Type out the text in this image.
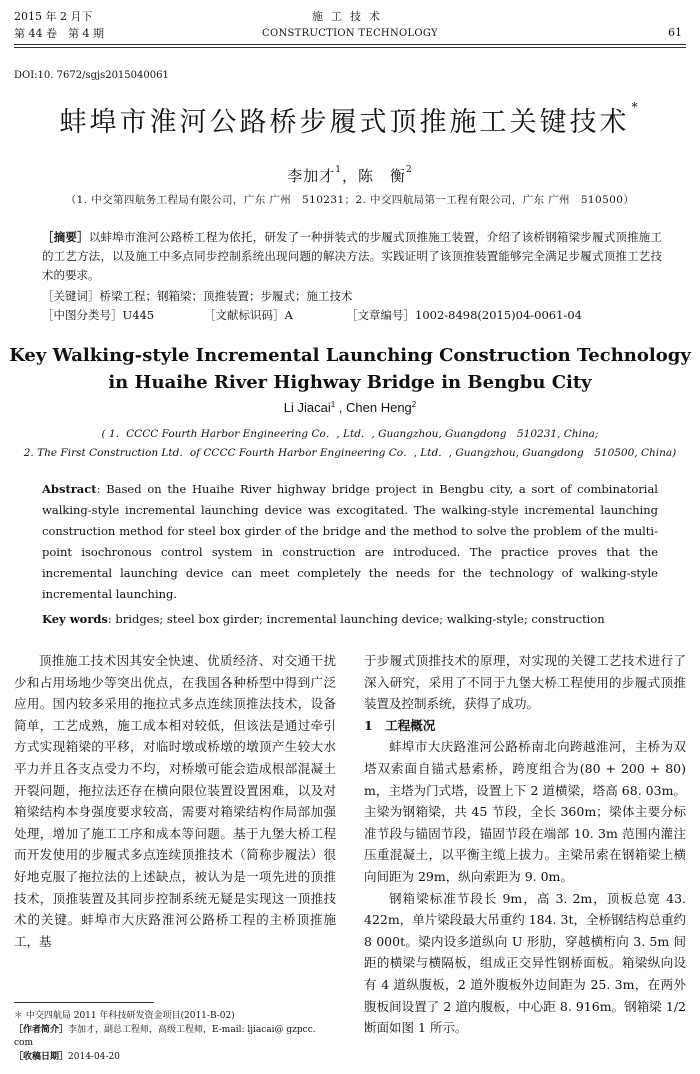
2015 年 2 月下
第 44 卷　第 4 期
施工技术
CONSTRUCTION TECHNOLOGY	61
DOI:10. 7672/sgjs2015040061
蚌埠市淮河公路桥步履式顶推施工关键技术 *
李加才$^1$，陈　衡$^2$
（1. 中交第四航务工程局有限公司，广东 广州　510231；2. 中交四航局第一工程有限公司，广东 广州　510500）
［摘要］以蚌埠市淮河公路桥工程为依托，研发了一种拼装式的步履式顶推施工装置，介绍了该桥钢箱梁步履式顶推施工的工艺方法，以及施工中多点同步控制系统出现问题的解决方法。实践证明了该顶推装置能够完全满足步履式顶推工艺技术的要求。
［关键词］桥梁工程；钢箱梁；顶推装置；步履式；施工技术
［中图分类号］U445	［文献标识码］A	［文章编号］1002-8498(2015)04-0061-04
Key Walking-style Incremental Launching Construction Technology
in Huaihe River Highway Bridge in Bengbu City
Li Jiacai$^1$ , Chen Heng$^2$
( 1．CCCC Fourth Harbor Engineering Co．, Ltd．, Guangzhou, Guangdong　510231, China;
2. The First Construction Ltd．of CCCC Fourth Harbor Engineering Co．, Ltd．, Guangzhou, Guangdong　510500, China)
Abstract: Based on the Huaihe River highway bridge project in Bengbu city, a sort of combinatorial walking-style incremental launching device was excogitated. The walking-style incremental launching construction method for steel box girder of the bridge and the method to solve the problem of the multi-point isochronous control system in construction are introduced. The practice proves that the incremental launching device can meet completely the needs for the technology of walking-style incremental launching.
Key words: bridges; steel box girder; incremental launching device; walking-style; construction

顶推施工技术因其安全快速、优质经济、对交通干扰少和占用场地少等突出优点，在我国各种桥型中得到广泛应用。国内较多采用的拖拉式多点连续顶推法技术，设备简单，工艺成熟，施工成本相对较低，但该法是通过牵引方式实现箱梁的平移，对临时墩或桥墩的墩顶产生较大水平力并且各支点受力不均，对桥墩可能会造成根部混凝土开裂问题，拖拉法还存在横向限位装置设置困难，以及对箱梁结构本身强度要求较高，需要对箱梁结构作局部加强处理，增加了施工工序和成本等问题。基于九堡大桥工程而开发使用的步履式多点连续顶推技术（简称步履法）很好地克服了拖拉法的上述缺点，被认为是一项先进的顶推技术，顶推装置及其同步控制系统无疑是实现这一顶推技术的关键。蚌埠市大庆路淮河公路桥工程的主桥顶推施工，基

于步履式顶推技术的原理，对实现的关键工艺技术进行了深入研究，采用了不同于九堡大桥工程使用的步履式顶推装置及控制系统，获得了成功。

1　工程概况

蚌埠市大庆路淮河公路桥南北向跨越淮河，主桥为双塔双索面自锚式悬索桥，跨度组合为(80 + 200 + 80) m，主塔为门式塔，设置上下 2 道横梁，塔高 68. 03m。主梁为钢箱梁，共 45 节段，全长 360m；梁体主要分标准节段与锚固节段，锚固节段在端部 10. 3m 范围内灌注压重混凝土，以平衡主缆上拔力。主梁吊索在钢箱梁上横向间距为 29m，纵向索距为 9. 0m。

钢箱梁标准节段长 9m，高 3. 2m，顶板总宽 43. 422m，单片梁段最大吊重约 184. 3t，全桥钢结构总重约 8 000t。梁内设多道纵向 U 形肋，穿越横桁向 3. 5m 间距的横梁与横隔板，组成正交异性钢桥面板。箱梁纵向设有 4 道纵腹板，2 道外腹板外边间距为 25. 3m，在两外腹板间设置了 2 道内腹板，中心距 8. 916m。钢箱梁 1/2 断面如图 1 所示。

＊ 中交四航局 2011 年科技研发资金项目(2011-B-02)
［作者简介］李加才，副总工程师，高级工程师，E-mail: ljiacai@ gzpcc. com
［收稿日期］2014-04-20
